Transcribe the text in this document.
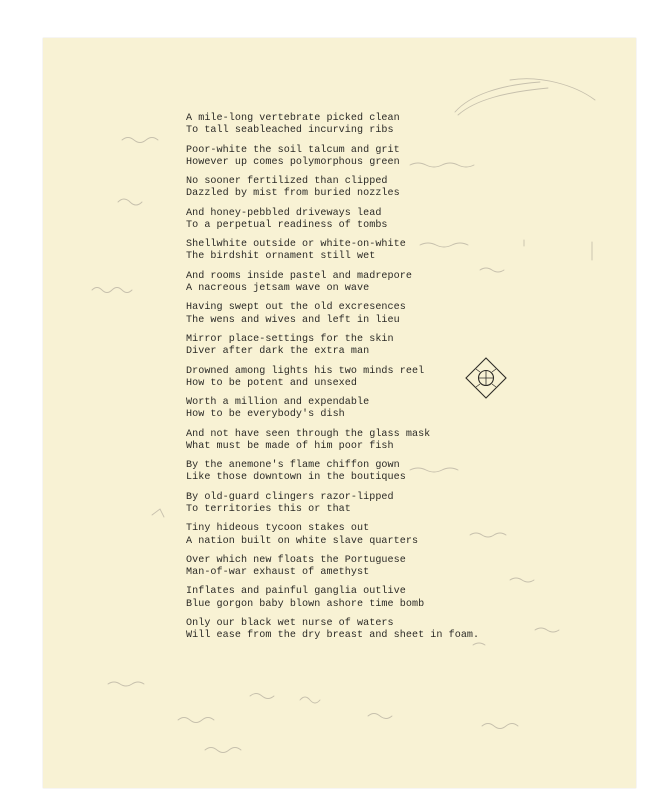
A mile-long vertebrate picked clean
To tall seableached incurving ribs
Poor-white the soil talcum and grit
However up comes polymorphous green
No sooner fertilized than clipped
Dazzled by mist from buried nozzles
And honey-pebbled driveways lead
To a perpetual readiness of tombs
Shellwhite outside or white-on-white
The birdshit ornament still wet
And rooms inside pastel and madrepore
A nacreous jetsam wave on wave
Having swept out the old excresences
The wens and wives and left in lieu
Mirror place-settings for the skin
Diver after dark the extra man
Drowned among lights his two minds reel
How to be potent and unsexed
Worth a million and expendable
How to be everybody's dish
And not have seen through the glass mask
What must be made of him poor fish
By the anemone's flame chiffon gown
Like those downtown in the boutiques
By old-guard clingers razor-lipped
To territories this or that
Tiny hideous tycoon stakes out
A nation built on white slave quarters
Over which new floats the Portuguese
Man-of-war exhaust of amethyst
Inflates and painful ganglia outlive
Blue gorgon baby blown ashore time bomb
Only our black wet nurse of waters
Will ease from the dry breast and sheet in foam.
